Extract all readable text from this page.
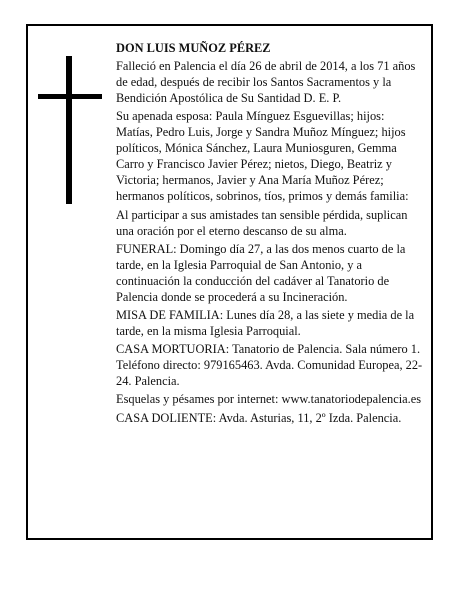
DON LUIS MUÑOZ PÉREZ

Falleció en Palencia el día 26 de abril de 2014, a los 71 años de edad, después de recibir los Santos Sacramentos y la Bendición Apostólica de Su Santidad D. E. P.

Su apenada esposa: Paula Mínguez Esguevillas; hijos: Matías, Pedro Luis, Jorge y Sandra Muñoz Mínguez; hijos políticos, Mónica Sánchez, Laura Muniosguren, Gemma Carro y Francisco Javier Pérez; nietos, Diego, Beatriz y Victoria; hermanos, Javier y Ana María Muñoz Pérez; hermanos políticos, sobrinos, tíos, primos y demás familia:

Al participar a sus amistades tan sensible pérdida, suplican una oración por el eterno descanso de su alma.

FUNERAL: Domingo día 27, a las dos menos cuarto de la tarde, en la Iglesia Parroquial de San Antonio, y a continuación la conducción del cadáver al Tanatorio de Palencia donde se procederá a su Incineración.

MISA DE FAMILIA: Lunes día 28, a las siete y media de la tarde, en la misma Iglesia Parroquial.

CASA MORTUORIA: Tanatorio de Palencia. Sala número 1. Teléfono directo: 979165463. Avda. Comunidad Europea, 22-24. Palencia.

Esquelas y pésames por internet: www.tanatoriodepalencia.es

CASA DOLIENTE: Avda. Asturias, 11, 2º Izda. Palencia.
